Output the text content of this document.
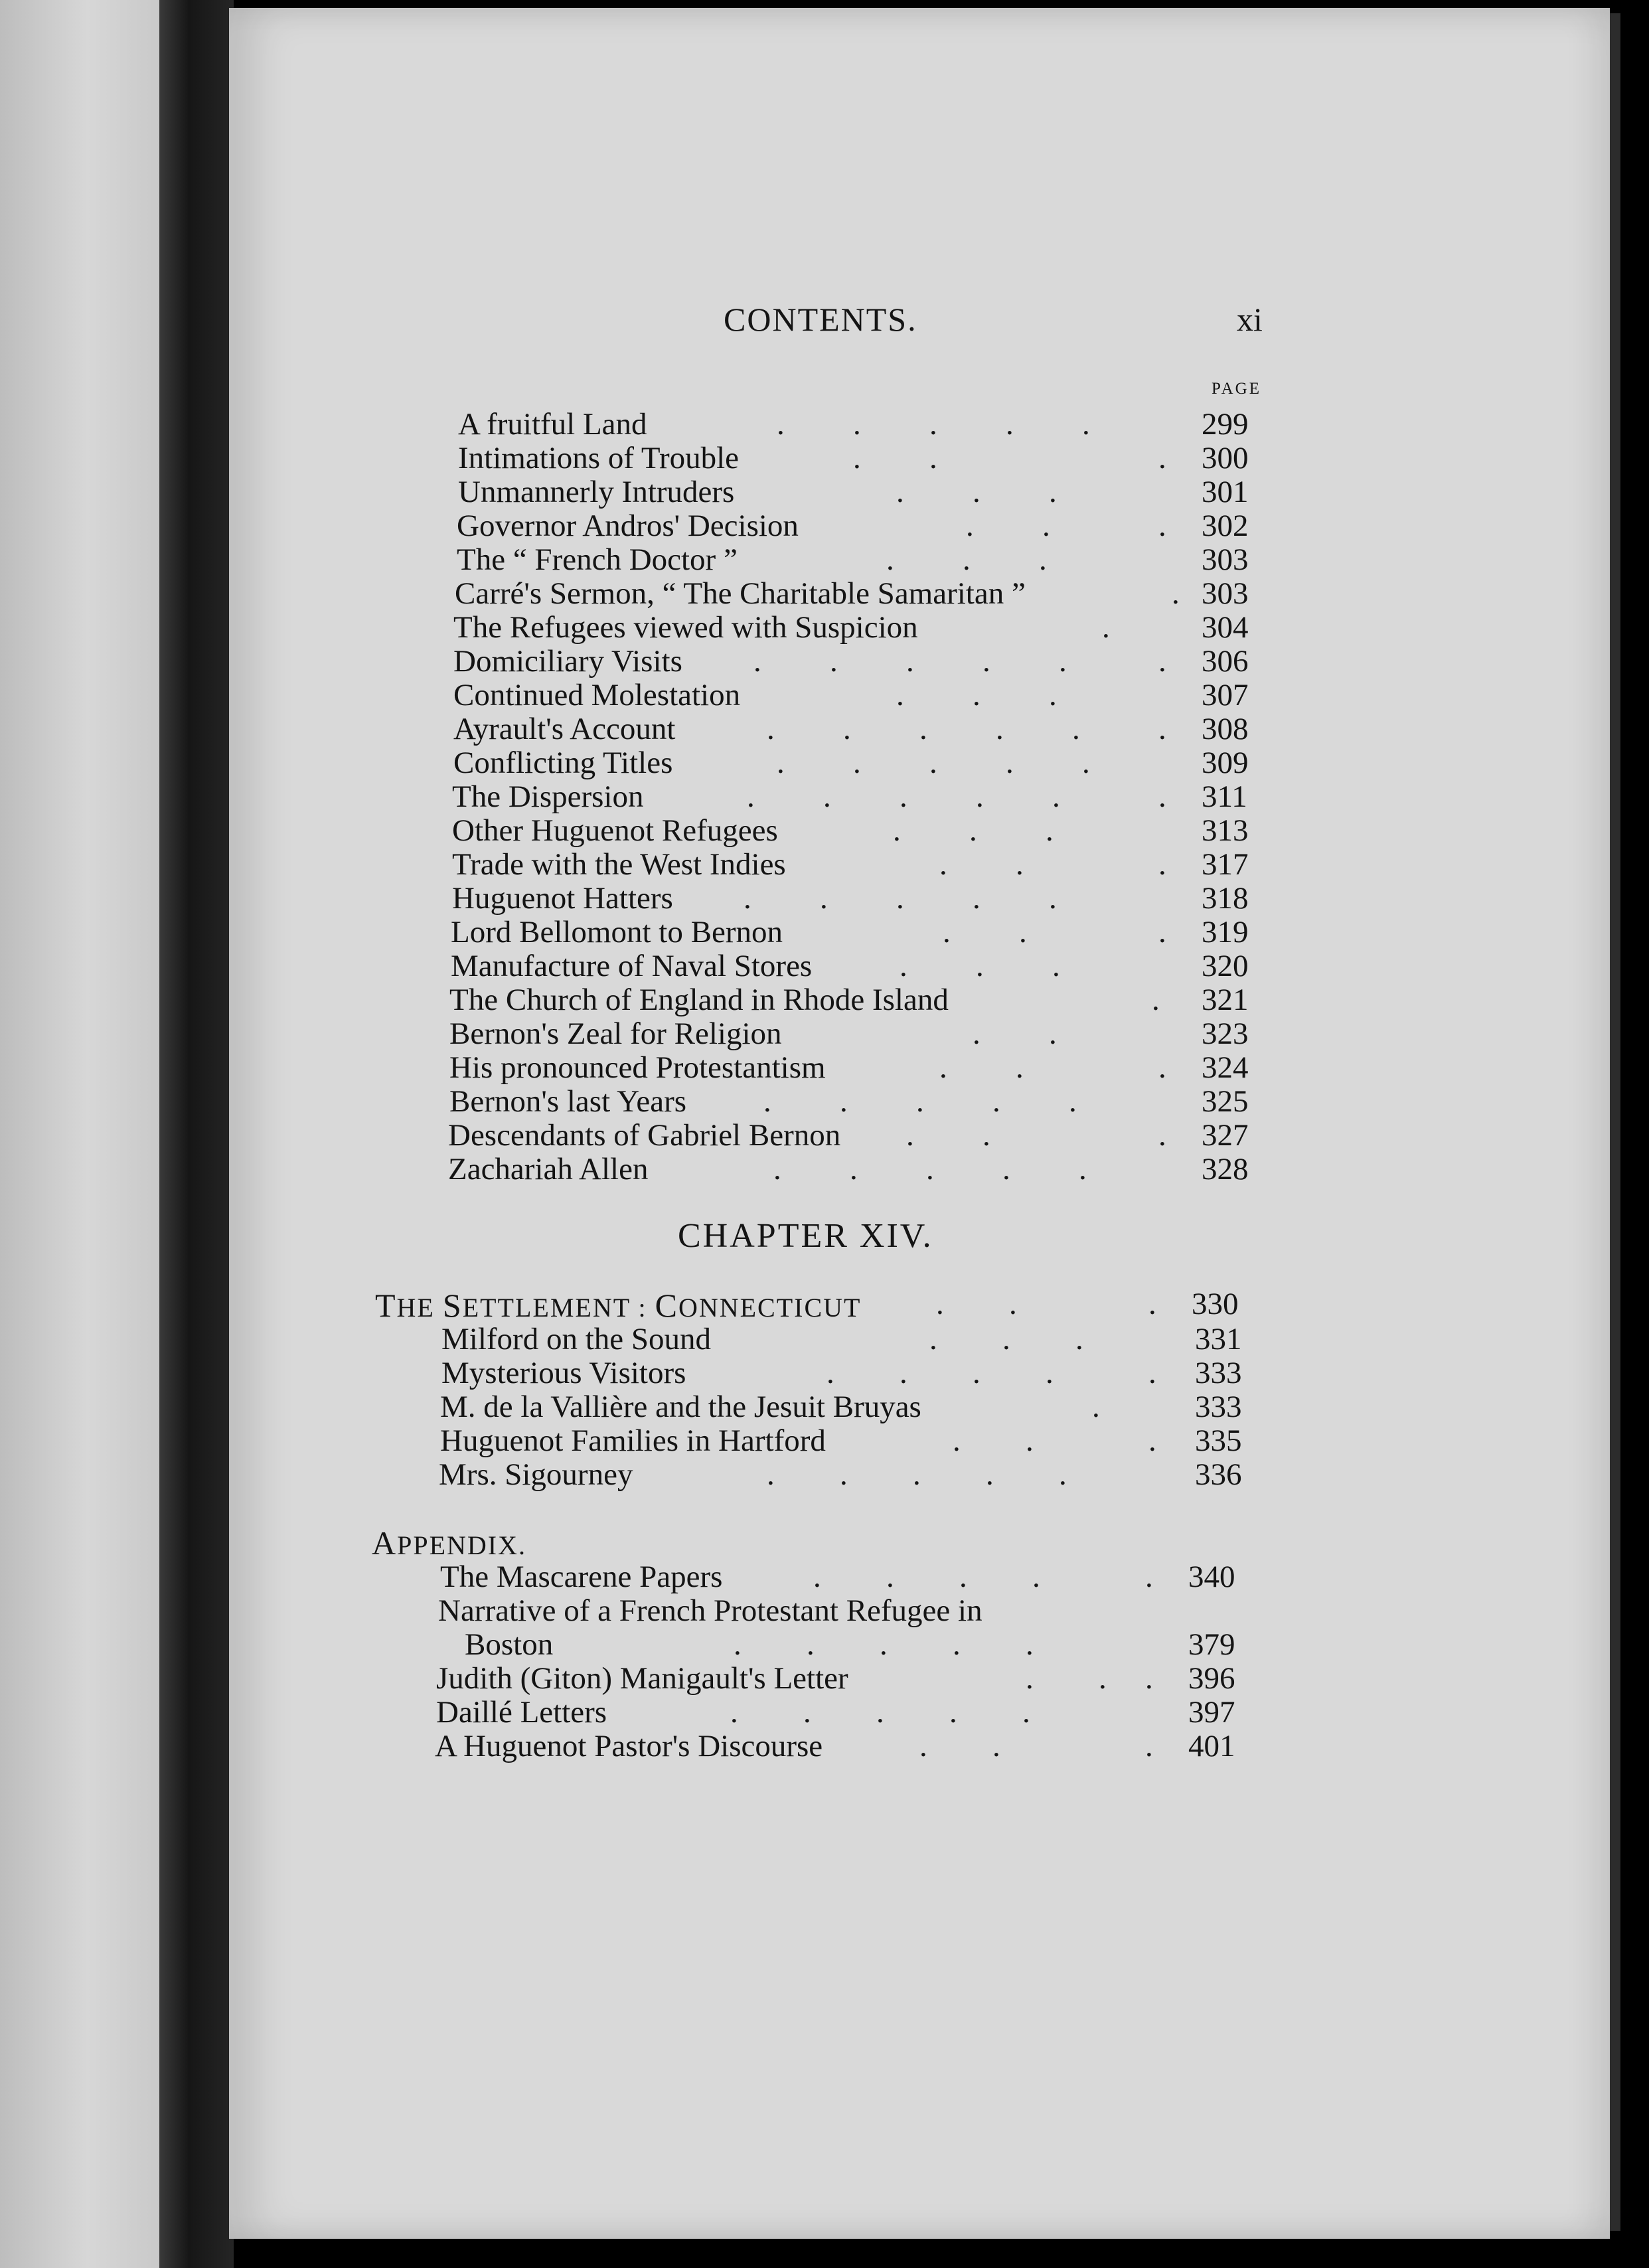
CONTENTS.	xi
PAGE
A fruitful Land	. . . . .	299
Intimations of Trouble	. .	. 300
Unmannerly Intruders	. . .	301
Governor Andros' Decision	. .	. 302
The “ French Doctor ”	. . .	303
Carré's Sermon, “ The Charitable Samaritan ”	. 303
The Refugees viewed with Suspicion	.	304
Domiciliary Visits . . . . .	. 306
Continued Molestation	. . .	307
Ayrault's Account	. . . . .	. 308
Conflicting Titles	. . . . .	309
The Dispersion	. . . . .	. 311
Other Huguenot Refugees	. . .	313
Trade with the West Indies	. .	. 317
Huguenot Hatters . . . . .	318
Lord Bellomont to Bernon	. .	. 319
Manufacture of Naval Stores	. . .	320
The Church of England in Rhode Island	. 321
Bernon's Zeal for Religion	. .	323
His pronounced Protestantism	. .	. 324
Bernon's last Years . . . . .	325
Descendants of Gabriel Bernon . .	. 327
Zachariah Allen	. . . . .	328
CHAPTER XIV.
THE SETTLEMENT : CONNECTICUT . .	. 330
Milford on the Sound	. . .	331
Mysterious Visitors	. . . .	. 333
M. de la Vallière and the Jesuit Bruyas	.	333
Huguenot Families in Hartford	. .	. 335
Mrs. Sigourney	. . . . .	336
APPENDIX.
The Mascarene Papers	. . . .	. 340
Narrative of a French Protestant Refugee in
Boston	. . . . .	379
Judith (Giton) Manigault's Letter	. . . 396
Daillé Letters	. . . . .	397
A Huguenot Pastor's Discourse	. .	. 401
